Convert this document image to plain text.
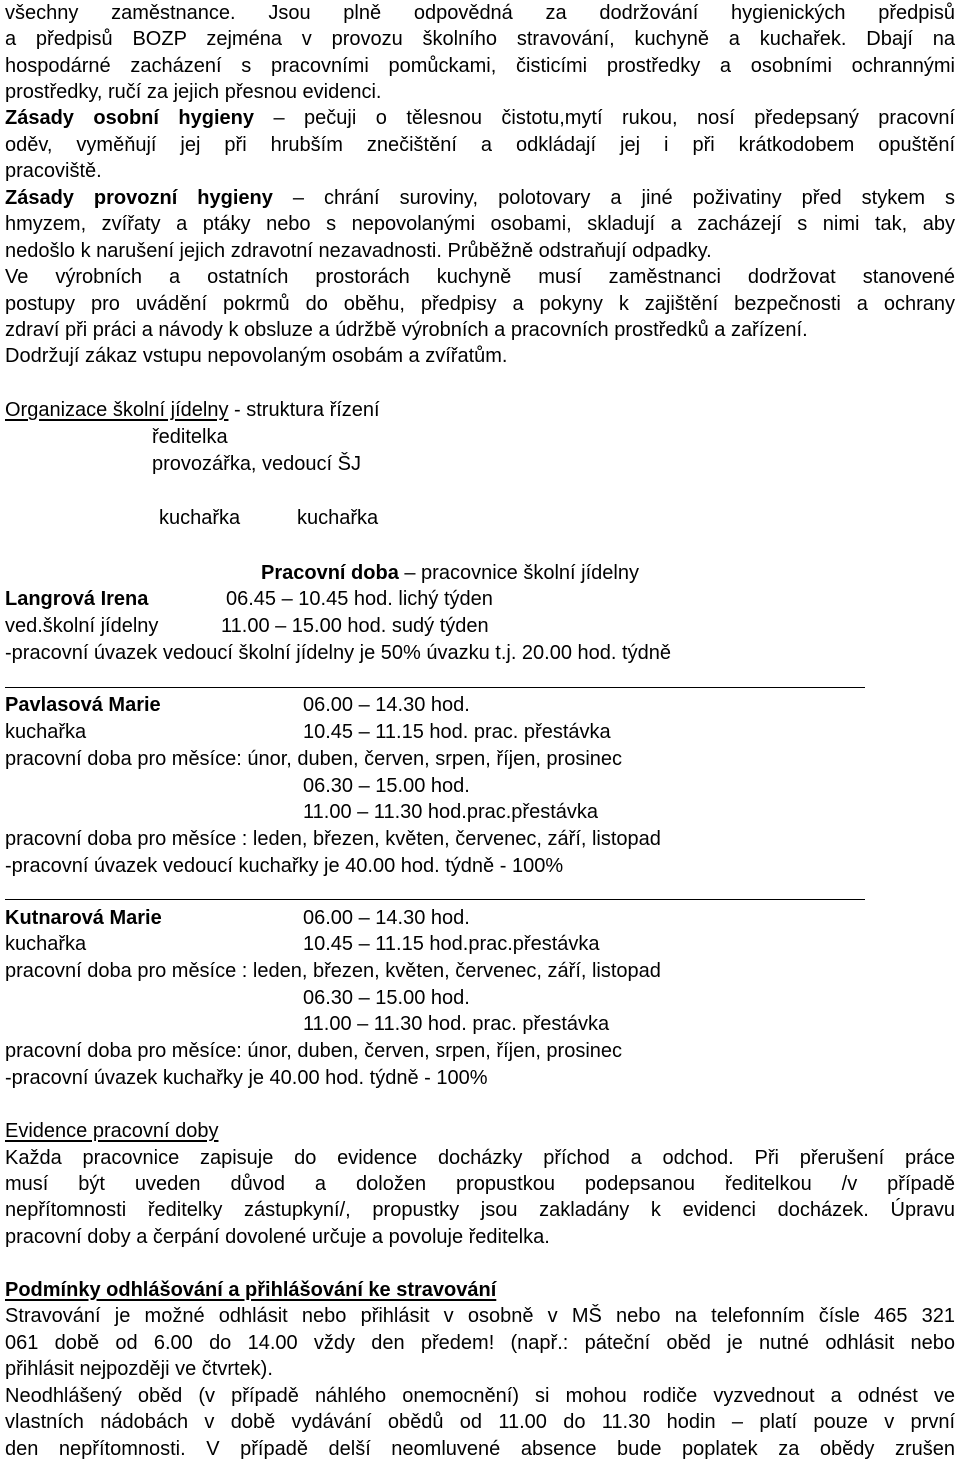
všechny zaměstnance. Jsou plně odpovědná za dodržování hygienických předpisů
a předpisů BOZP zejména v provozu školního stravování, kuchyně a kuchařek. Dbají na
hospodárné zacházení s pracovními pomůckami, čisticími prostředky a osobními ochrannými
prostředky, ručí za jejich přesnou evidenci.
Zásady osobní hygieny – pečuji o tělesnou čistotu,mytí rukou, nosí předepsaný pracovní
oděv, vyměňují jej při hrubším znečištění a odkládají jej i při krátkodobem opuštění
pracoviště.
Zásady provozní hygieny – chrání suroviny, polotovary a jiné poživatiny před stykem s
hmyzem, zvířaty a ptáky nebo s nepovolanými osobami, skladují a zacházejí s nimi tak, aby
nedošlo k narušení jejich zdravotní nezavadnosti. Průběžně odstraňují odpadky.
Ve výrobních a ostatních prostorách kuchyně musí zaměstnanci dodržovat stanovené
postupy pro uvádění pokrmů do oběhu, předpisy a pokyny k zajištění bezpečnosti a ochrany
zdraví při práci a návody k obsluze a údržbě výrobních a pracovních prostředků a zařízení.
Dodržují zákaz vstupu nepovolaným osobám a zvířatům.
Organizace školní jídelny - struktura řízení
ředitelka
provozářka, vedoucí ŠJ
kuchařka	kuchařka
Pracovní doba – pracovnice školní jídelny
Langrová Irena	06.45 – 10.45 hod. lichý týden
ved.školní jídelny	11.00 – 15.00 hod. sudý týden
-pracovní úvazek vedoucí školní jídelny je 50% úvazku t.j. 20.00 hod. týdně
Pavlasová Marie	06.00 – 14.30 hod.
kuchařka	10.45 – 11.15 hod. prac. přestávka
pracovní doba pro měsíce: únor, duben, červen, srpen, říjen, prosinec
06.30 – 15.00 hod.
11.00 – 11.30 hod.prac.přestávka
pracovní doba pro měsíce : leden, březen, květen, červenec, září, listopad
-pracovní úvazek vedoucí kuchařky je 40.00 hod. týdně - 100%
Kutnarová Marie	06.00 – 14.30 hod.
kuchařka	10.45 – 11.15 hod.prac.přestávka
pracovní doba pro měsíce : leden, březen, květen, červenec, září, listopad
06.30 – 15.00 hod.
11.00 – 11.30 hod. prac. přestávka
pracovní doba pro měsíce: únor, duben, červen, srpen, říjen, prosinec
-pracovní úvazek kuchařky je 40.00 hod. týdně - 100%
Evidence pracovní doby
Každa pracovnice zapisuje do evidence docházky příchod a odchod. Při přerušení práce
musí být uveden důvod a doložen propustkou podepsanou ředitelkou /v případě
nepřítomnosti ředitelky zástupkyní/, propustky jsou zakladány k evidenci docházek. Úpravu
pracovní doby a čerpání dovolené určuje a povoluje ředitelka.
Podmínky odhlášování a přihlášování ke stravování
Stravování je možné odhlásit nebo přihlásit v osobně v MŠ nebo na telefonním čísle 465 321
061 době od 6.00 do 14.00 vždy den předem! (např.: páteční oběd je nutné odhlásit nebo
přihlásit nejpozději ve čtvrtek).
Neodhlášený oběd (v případě náhlého onemocnění) si mohou rodiče vyzvednout a odnést ve
vlastních nádobách v době vydávání obědů od 11.00 do 11.30 hodin – platí pouze v první
den nepřítomnosti. V případě delší neomluvené absence bude poplatek za obědy zrušen
